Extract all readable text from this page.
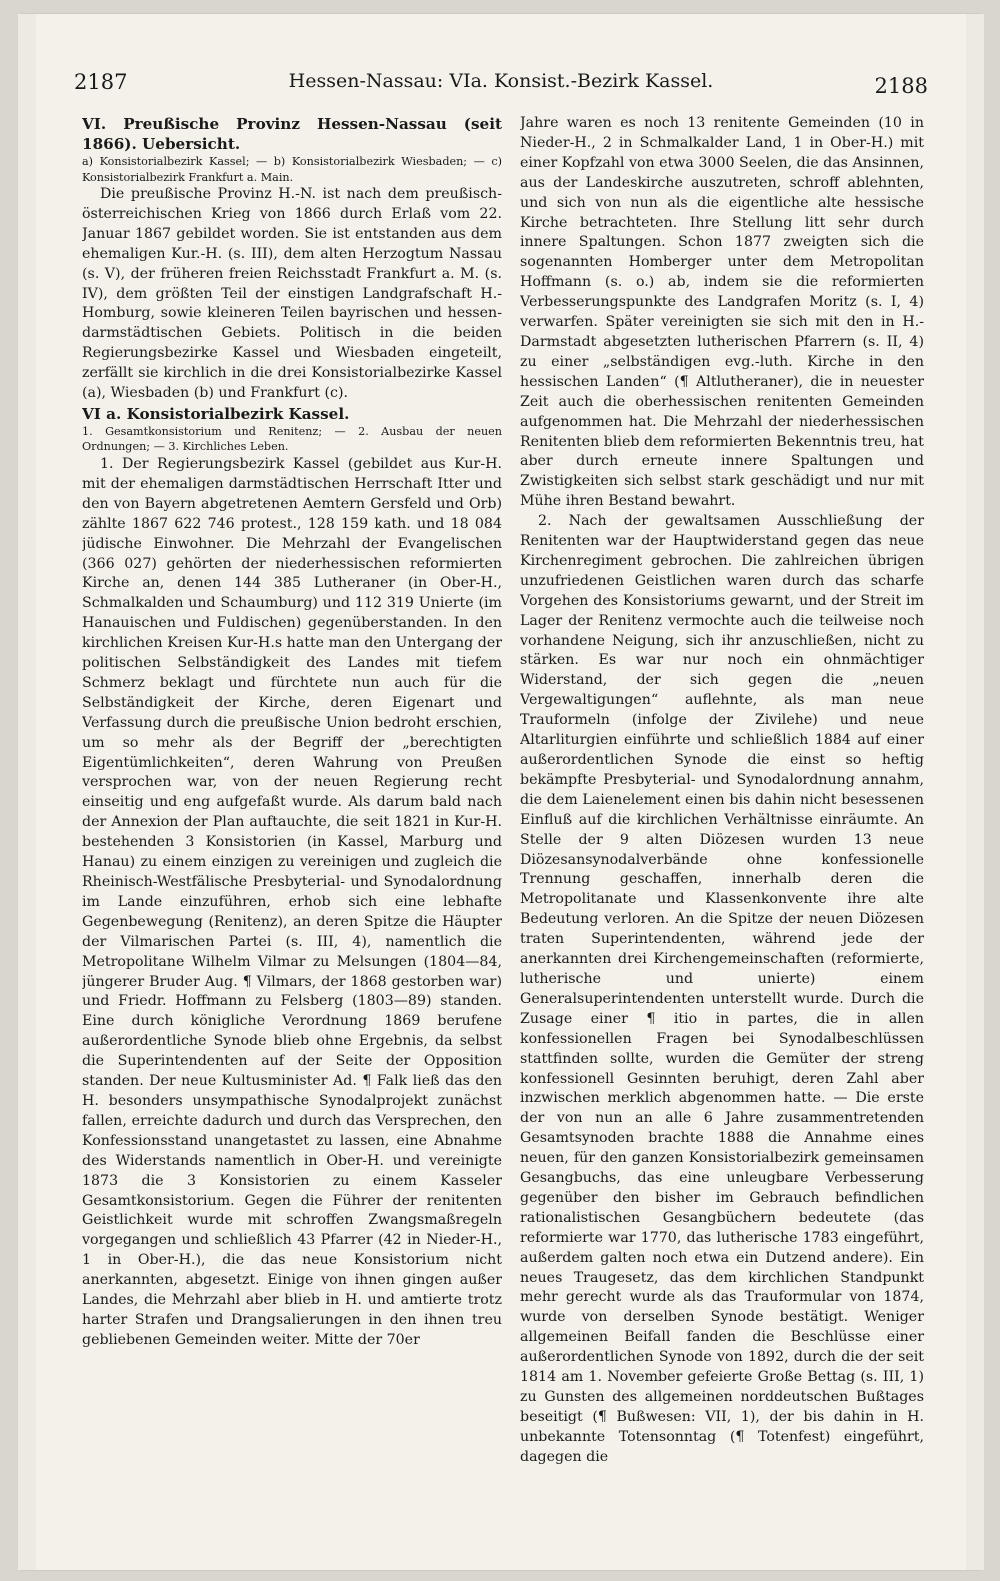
2187	Hessen-Nassau: VIa. Konsist.-Bezirk Kassel.	2188
VI. Preußische Provinz Hessen-Nassau (seit 1866). Uebersicht.

a) Konsistorialbezirk Kassel; — b) Konsistorialbezirk Wiesbaden; — c) Konsistorialbezirk Frankfurt a. Main.

Die preußische Provinz H.-N. ist nach dem preußisch-österreichischen Krieg von 1866 durch Erlaß vom 22. Januar 1867 gebildet worden. Sie ist entstanden aus dem ehemaligen Kur.-H. (s. III), dem alten Herzogtum Nassau (s. V), der früheren freien Reichsstadt Frankfurt a. M. (s. IV), dem größten Teil der einstigen Landgrafschaft H.-Homburg, sowie kleineren Teilen bayrischen und hessen-darmstädtischen Gebiets. Politisch in die beiden Regierungsbezirke Kassel und Wiesbaden eingeteilt, zerfällt sie kirchlich in die drei Konsistorialbezirke Kassel (a), Wiesbaden (b) und Frankfurt (c).

VI a. Konsistorialbezirk Kassel.

1. Gesamtkonsistorium und Renitenz; — 2. Ausbau der neuen Ordnungen; — 3. Kirchliches Leben.

1. Der Regierungsbezirk Kassel (gebildet aus Kur-H. mit der ehemaligen darmstädtischen Herrschaft Itter und den von Bayern abgetretenen Aemtern Gersfeld und Orb) zählte 1867 622 746 protest., 128 159 kath. und 18 084 jüdische Einwohner. Die Mehrzahl der Evangelischen (366 027) gehörten der niederhessischen reformierten Kirche an, denen 144 385 Lutheraner (in Ober-H., Schmalkalden und Schaumburg) und 112 319 Unierte (im Hanauischen und Fuldischen) gegenüberstanden. In den kirchlichen Kreisen Kur-H.s hatte man den Untergang der politischen Selbständigkeit des Landes mit tiefem Schmerz beklagt und fürchtete nun auch für die Selbständigkeit der Kirche, deren Eigenart und Verfassung durch die preußische Union bedroht erschien, um so mehr als der Begriff der „berechtigten Eigentümlichkeiten“, deren Wahrung von Preußen versprochen war, von der neuen Regierung recht einseitig und eng aufgefaßt wurde. Als darum bald nach der Annexion der Plan auftauchte, die seit 1821 in Kur-H. bestehenden 3 Konsistorien (in Kassel, Marburg und Hanau) zu einem einzigen zu vereinigen und zugleich die Rheinisch-Westfälische Presbyterial- und Synodalordnung im Lande einzuführen, erhob sich eine lebhafte Gegenbewegung (Renitenz), an deren Spitze die Häupter der Vilmarischen Partei (s. III, 4), namentlich die Metropolitane Wilhelm Vilmar zu Melsungen (1804—84, jüngerer Bruder Aug. ¶ Vilmars, der 1868 gestorben war) und Friedr. Hoffmann zu Felsberg (1803—89) standen. Eine durch königliche Verordnung 1869 berufene außerordentliche Synode blieb ohne Ergebnis, da selbst die Superintendenten auf der Seite der Opposition standen. Der neue Kultusminister Ad. ¶ Falk ließ das den H. besonders unsympathische Synodalprojekt zunächst fallen, erreichte dadurch und durch das Versprechen, den Konfessionsstand unangetastet zu lassen, eine Abnahme des Widerstands namentlich in Ober-H. und vereinigte 1873 die 3 Konsistorien zu einem Kasseler Gesamtkonsistorium. Gegen die Führer der renitenten Geistlichkeit wurde mit schroffen Zwangsmaßregeln vorgegangen und schließlich 43 Pfarrer (42 in Nieder-H., 1 in Ober-H.), die das neue Konsistorium nicht anerkannten, abgesetzt. Einige von ihnen gingen außer Landes, die Mehrzahl aber blieb in H. und amtierte trotz harter Strafen und Drangsalierungen in den ihnen treu gebliebenen Gemeinden weiter. Mitte der 70er

Jahre waren es noch 13 renitente Gemeinden (10 in Nieder-H., 2 in Schmalkalder Land, 1 in Ober-H.) mit einer Kopfzahl von etwa 3000 Seelen, die das Ansinnen, aus der Landeskirche auszutreten, schroff ablehnten, und sich von nun als die eigentliche alte hessische Kirche betrachteten. Ihre Stellung litt sehr durch innere Spaltungen. Schon 1877 zweigten sich die sogenannten Homberger unter dem Metropolitan Hoffmann (s. o.) ab, indem sie die reformierten Verbesserungspunkte des Landgrafen Moritz (s. I, 4) verwarfen. Später vereinigten sie sich mit den in H.-Darmstadt abgesetzten lutherischen Pfarrern (s. II, 4) zu einer „selbständigen evg.-luth. Kirche in den hessischen Landen“ (¶ Altlutheraner), die in neuester Zeit auch die oberhessischen renitenten Gemeinden aufgenommen hat. Die Mehrzahl der niederhessischen Renitenten blieb dem reformierten Bekenntnis treu, hat aber durch erneute innere Spaltungen und Zwistigkeiten sich selbst stark geschädigt und nur mit Mühe ihren Bestand bewahrt.

2. Nach der gewaltsamen Ausschließung der Renitenten war der Hauptwiderstand gegen das neue Kirchenregiment gebrochen. Die zahlreichen übrigen unzufriedenen Geistlichen waren durch das scharfe Vorgehen des Konsistoriums gewarnt, und der Streit im Lager der Renitenz vermochte auch die teilweise noch vorhandene Neigung, sich ihr anzuschließen, nicht zu stärken. Es war nur noch ein ohnmächtiger Widerstand, der sich gegen die „neuen Vergewaltigungen“ auflehnte, als man neue Trauformeln (infolge der Zivilehe) und neue Altarliturgien einführte und schließlich 1884 auf einer außerordentlichen Synode die einst so heftig bekämpfte Presbyterial- und Synodalordnung annahm, die dem Laienelement einen bis dahin nicht besessenen Einfluß auf die kirchlichen Verhältnisse einräumte. An Stelle der 9 alten Diözesen wurden 13 neue Diözesansynodalverbände ohne konfessionelle Trennung geschaffen, innerhalb deren die Metropolitanate und Klassenkonvente ihre alte Bedeutung verloren. An die Spitze der neuen Diözesen traten Superintendenten, während jede der anerkannten drei Kirchengemeinschaften (reformierte, lutherische und unierte) einem Generalsuperintendenten unterstellt wurde. Durch die Zusage einer ¶ itio in partes, die in allen konfessionellen Fragen bei Synodalbeschlüssen stattfinden sollte, wurden die Gemüter der streng konfessionell Gesinnten beruhigt, deren Zahl aber inzwischen merklich abgenommen hatte. — Die erste der von nun an alle 6 Jahre zusammentretenden Gesamtsynoden brachte 1888 die Annahme eines neuen, für den ganzen Konsistorialbezirk gemeinsamen Gesangbuchs, das eine unleugbare Verbesserung gegenüber den bisher im Gebrauch befindlichen rationalistischen Gesangbüchern bedeutete (das reformierte war 1770, das lutherische 1783 eingeführt, außerdem galten noch etwa ein Dutzend andere). Ein neues Traugesetz, das dem kirchlichen Standpunkt mehr gerecht wurde als das Trauformular von 1874, wurde von derselben Synode bestätigt. Weniger allgemeinen Beifall fanden die Beschlüsse einer außerordentlichen Synode von 1892, durch die der seit 1814 am 1. November gefeierte Große Bettag (s. III, 1) zu Gunsten des allgemeinen norddeutschen Bußtages beseitigt (¶ Bußwesen: VII, 1), der bis dahin in H. unbekannte Totensonntag (¶ Totenfest) eingeführt, dagegen die
